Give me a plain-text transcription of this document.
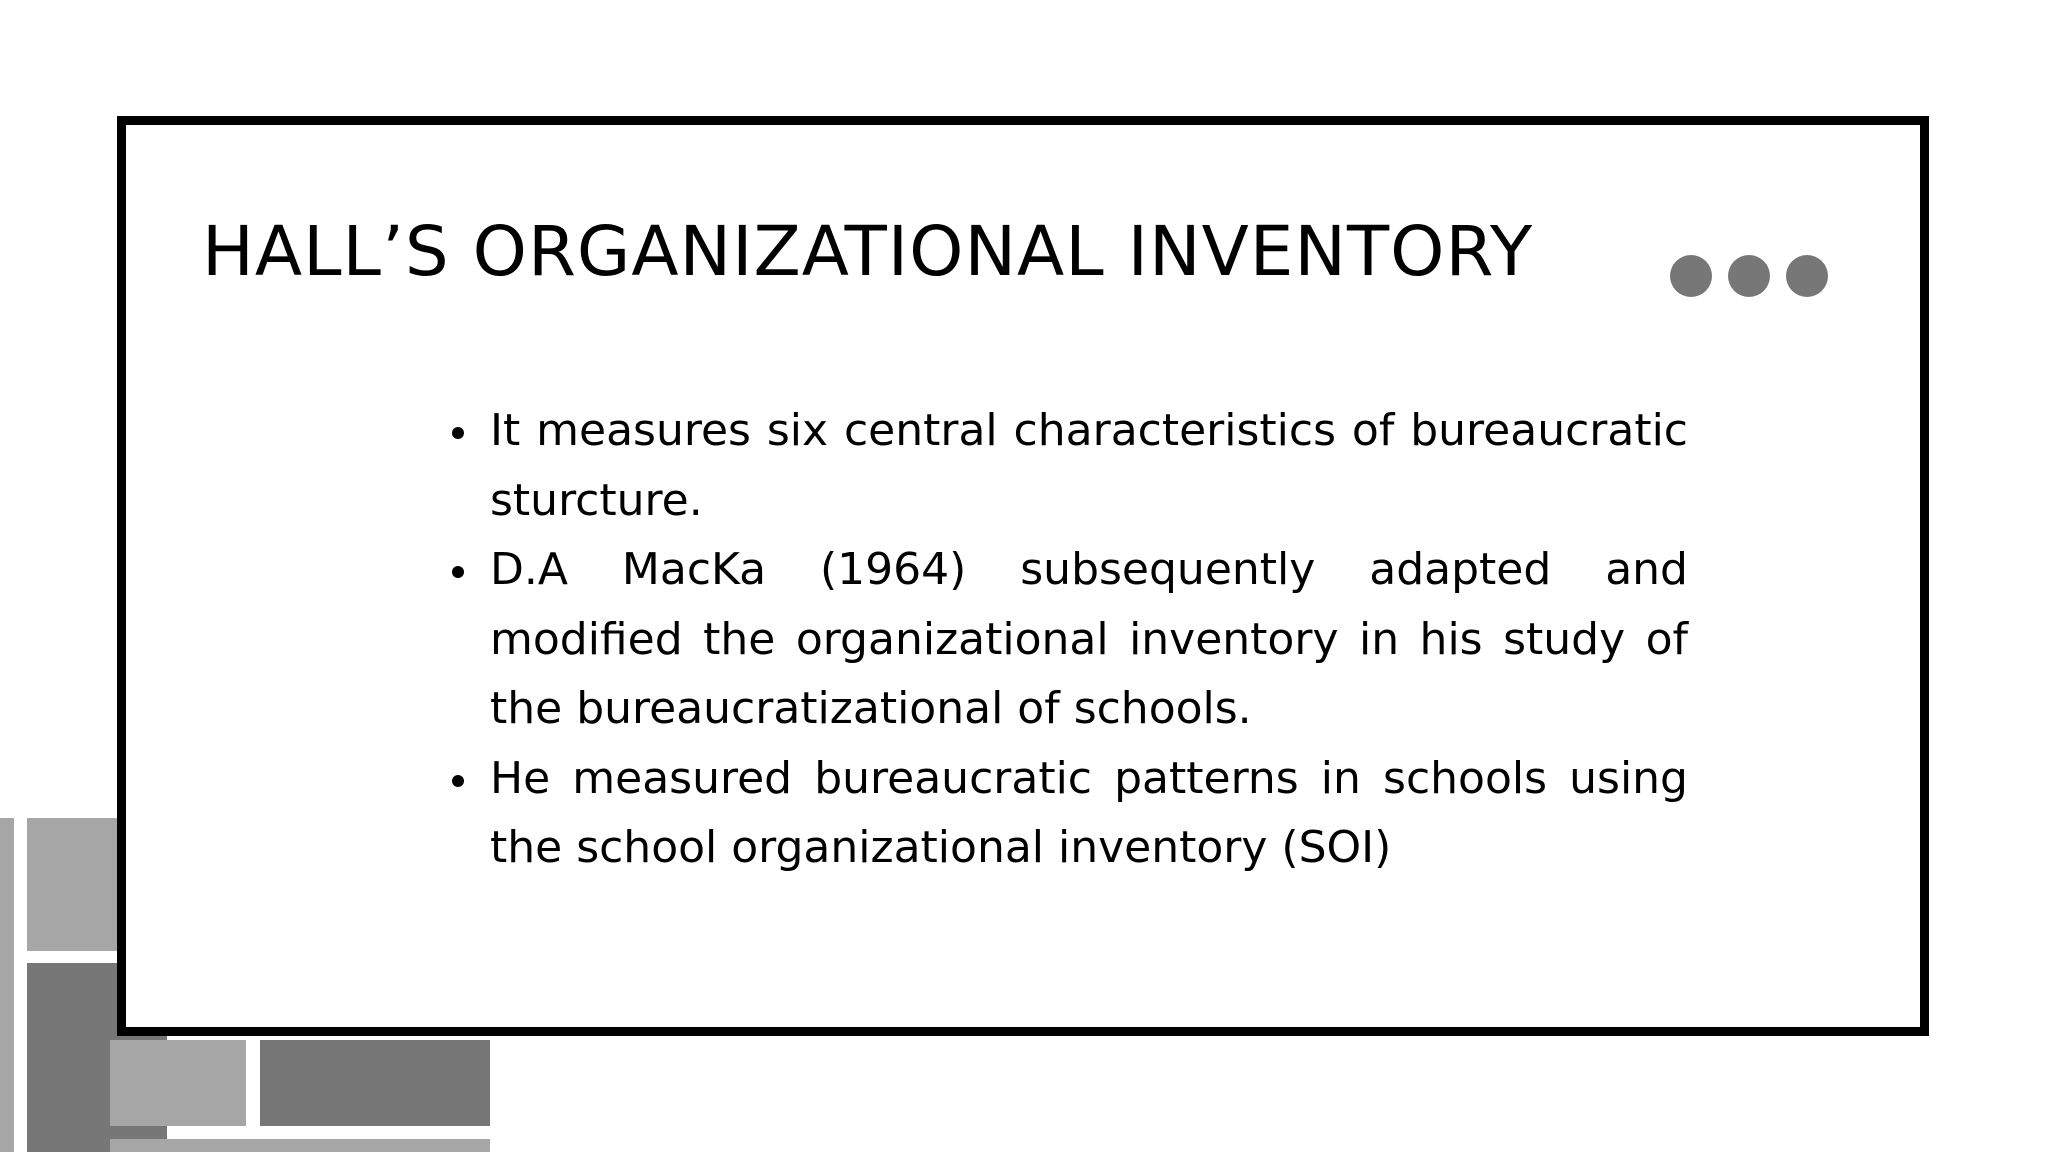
HALL’S ORGANIZATIONAL INVENTORY
It measures six central characteristics of bureaucratic sturcture.
D.A MacKa (1964) subsequently adapted and modified the organizational inventory in his study of the bureaucratizational of schools.
He measured bureaucratic patterns in schools using the school organizational inventory (SOI)
